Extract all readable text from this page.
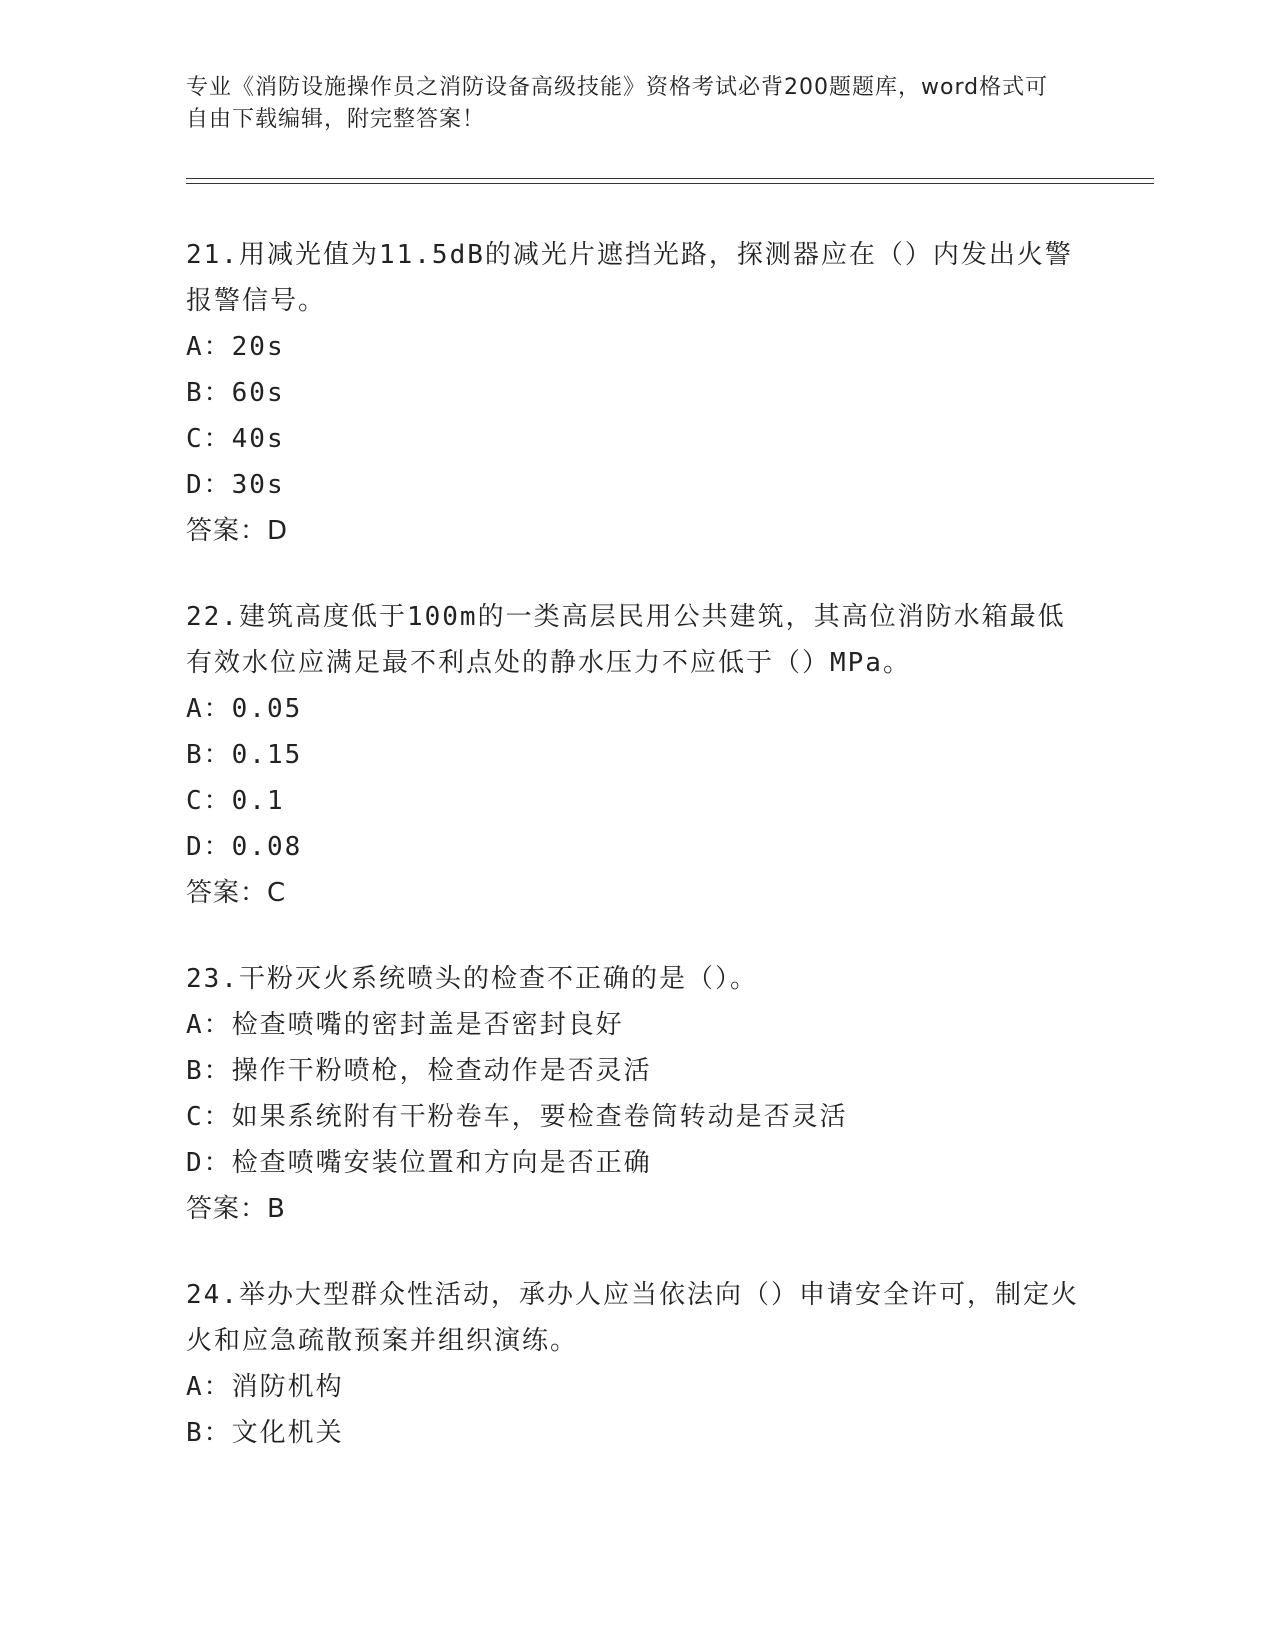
专业《消防设施操作员之消防设备高级技能》资格考试必背200题题库，word格式可自由下载编辑，附完整答案！
21.用减光值为11.5dB的减光片遮挡光路，探测器应在（）内发出火警报警信号。
A：20s
B：60s
C：40s
D：30s
答案：D
22.建筑高度低于100m的一类高层民用公共建筑，其高位消防水箱最低有效水位应满足最不利点处的静水压力不应低于（）MPa。
A：0.05
B：0.15
C：0.1
D：0.08
答案：C
23.干粉灭火系统喷头的检查不正确的是（）。
A：检查喷嘴的密封盖是否密封良好
B：操作干粉喷枪，检查动作是否灵活
C：如果系统附有干粉卷车，要检查卷筒转动是否灵活
D：检查喷嘴安装位置和方向是否正确
答案：B
24.举办大型群众性活动，承办人应当依法向（）申请安全许可，制定火火和应急疏散预案并组织演练。
A：消防机构
B：文化机关
